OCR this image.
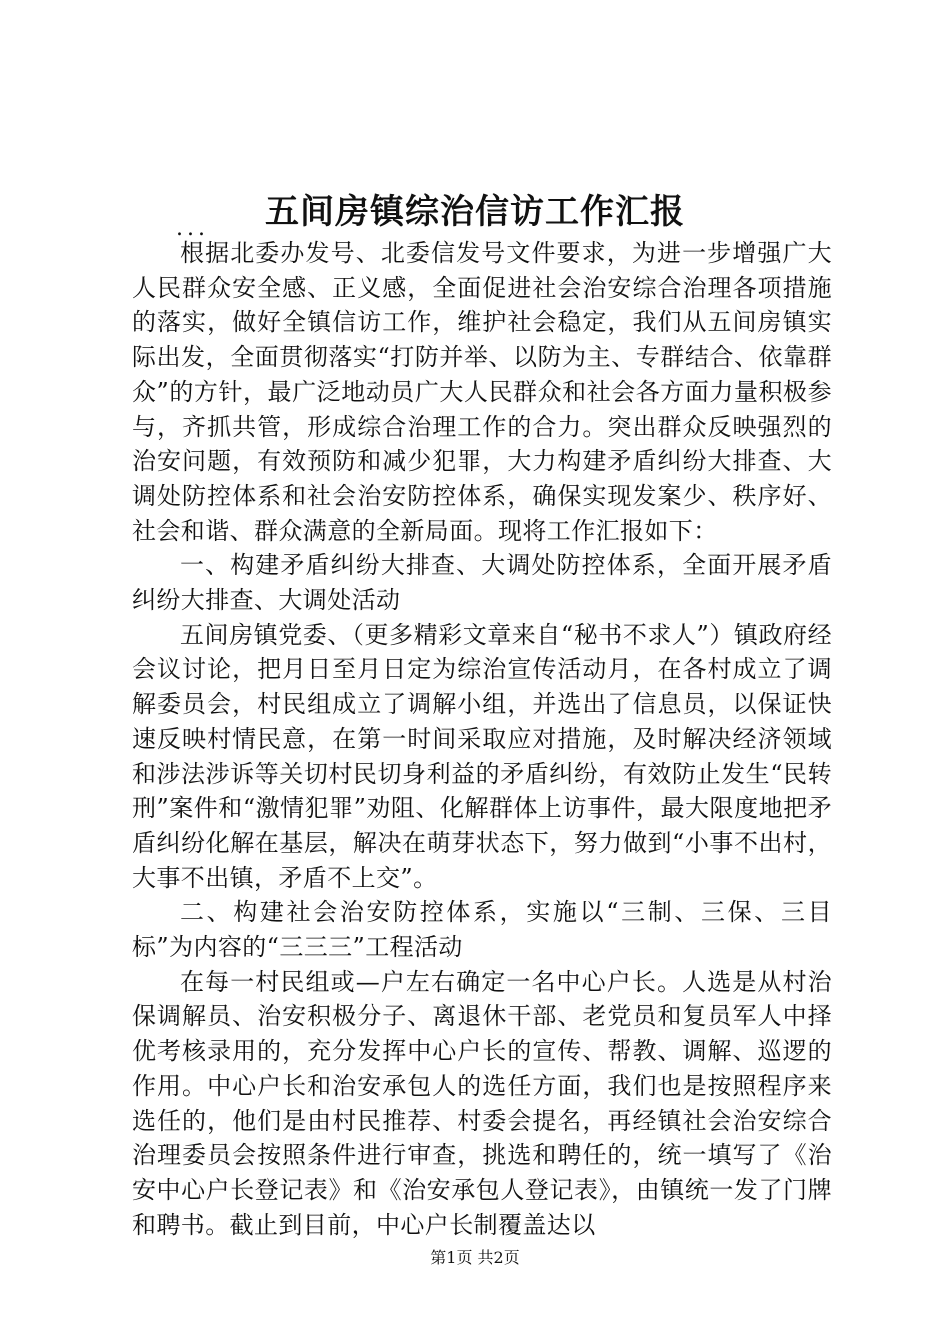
五间房镇综治信访工作汇报

...

根据北委办发号、北委信发号文件要求，为进一步增强广大人民群众安全感、正义感，全面促进社会治安综合治理各项措施的落实，做好全镇信访工作，维护社会稳定，我们从五间房镇实际出发，全面贯彻落实“打防并举、以防为主、专群结合、依靠群众”的方针，最广泛地动员广大人民群众和社会各方面力量积极参与，齐抓共管，形成综合治理工作的合力。突出群众反映强烈的治安问题，有效预防和减少犯罪，大力构建矛盾纠纷大排查、大调处防控体系和社会治安防控体系，确保实现发案少、秩序好、社会和谐、群众满意的全新局面。现将工作汇报如下：

一、构建矛盾纠纷大排查、大调处防控体系，全面开展矛盾纠纷大排查、大调处活动

五间房镇党委、（更多精彩文章来自“秘书不求人”）镇政府经会议讨论，把月日至月日定为综治宣传活动月，在各村成立了调解委员会，村民组成立了调解小组，并选出了信息员，以保证快速反映村情民意，在第一时间采取应对措施，及时解决经济领域和涉法涉诉等关切村民切身利益的矛盾纠纷，有效防止发生“民转刑”案件和“激情犯罪”劝阻、化解群体上访事件，最大限度地把矛盾纠纷化解在基层，解决在萌芽状态下，努力做到“小事不出村，大事不出镇，矛盾不上交”。

二、构建社会治安防控体系，实施以“三制、三保、三目标”为内容的“三三三”工程活动

在每一村民组或—户左右确定一名中心户长。人选是从村治保调解员、治安积极分子、离退休干部、老党员和复员军人中择优考核录用的，充分发挥中心户长的宣传、帮教、调解、巡逻的作用。中心户长和治安承包人的选任方面，我们也是按照程序来选任的，他们是由村民推荐、村委会提名，再经镇社会治安综合治理委员会按照条件进行审查，挑选和聘任的，统一填写了《治安中心户长登记表》和《治安承包人登记表》，由镇统一发了门牌和聘书。截止到目前，中心户长制覆盖达以

第1页 共2页
